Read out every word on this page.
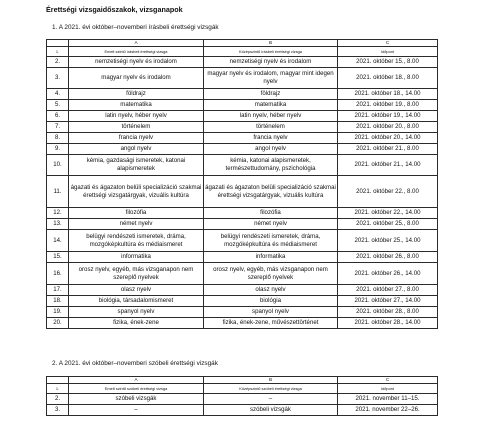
Érettségi vizsgaidőszakok, vizsganapok
1. A 2021. évi október–novemberi írásbeli érettségi vizsgák
	A	B	C
1.	Emelt szintű írásbeli érettségi vizsga	Középszintű írásbeli érettségi vizsga	Időpont
2.	nemzetiségi nyelv és irodalom	nemzetiségi nyelv és irodalom	2021. október 15., 8.00
3.	magyar nyelv és irodalom	magyar nyelv és irodalom, magyar mint idegen nyelv	2021. október 18., 8.00
4.	földrajz	földrajz	2021. október 18., 14.00
5.	matematika	matematika	2021. október 19., 8.00
6.	latin nyelv, héber nyelv	latin nyelv, héber nyelv	2021. október 19., 14.00
7.	történelem	történelem	2021. október 20., 8.00
8.	francia nyelv	francia nyelv	2021. október 20., 14.00
9.	angol nyelv	angol nyelv	2021. október 21., 8.00
10.	kémia, gazdasági ismeretek, katonai alapismeretek	kémia, katonai alapismeretek, természettudomány, pszichológia	2021. október 21., 14.00
11.	ágazati és ágazaton belüli specializáció szakmai érettségi vizsgatárgyak, vizuális kultúra	ágazati és ágazaton belüli specializáció szakmai érettségi vizsgatárgyak, vizuális kultúra	2021. október 22., 8.00
12.	filozófia	filozófia	2021. október 22., 14.00
13.	német nyelv	német nyelv	2021. október 25., 8.00
14.	belügyi rendészeti ismeretek, dráma, mozgóképkultúra és médiaismeret	belügyi rendészeti ismeretek, dráma, mozgóképkultúra és médiaismeret	2021. október 25., 14.00
15.	informatika	informatika	2021. október 26., 8.00
16.	orosz nyelv, egyéb, más vizsganapon nem szereplő nyelvek	orosz nyelv, egyéb, más vizsganapon nem szereplő nyelvek	2021. október 26., 14.00
17.	olasz nyelv	olasz nyelv	2021. október 27., 8.00
18.	biológia, társadalomismeret	biológia	2021. október 27., 14.00
19.	spanyol nyelv	spanyol nyelv	2021. október 28., 8.00
20.	fizika, ének-zene	fizika, ének-zene, művészettörténet	2021. október 28., 14.00
2. A 2021. évi október–novemberi szóbeli érettségi vizsgák
	A	B	C
1.	Emelt szintű szóbeli érettségi vizsga	Középszintű szóbeli érettségi vizsga	Időpont
2.	szóbeli vizsgák	–	2021. november 11–15.
3.	–	szóbeli vizsgák	2021. november 22–26.
